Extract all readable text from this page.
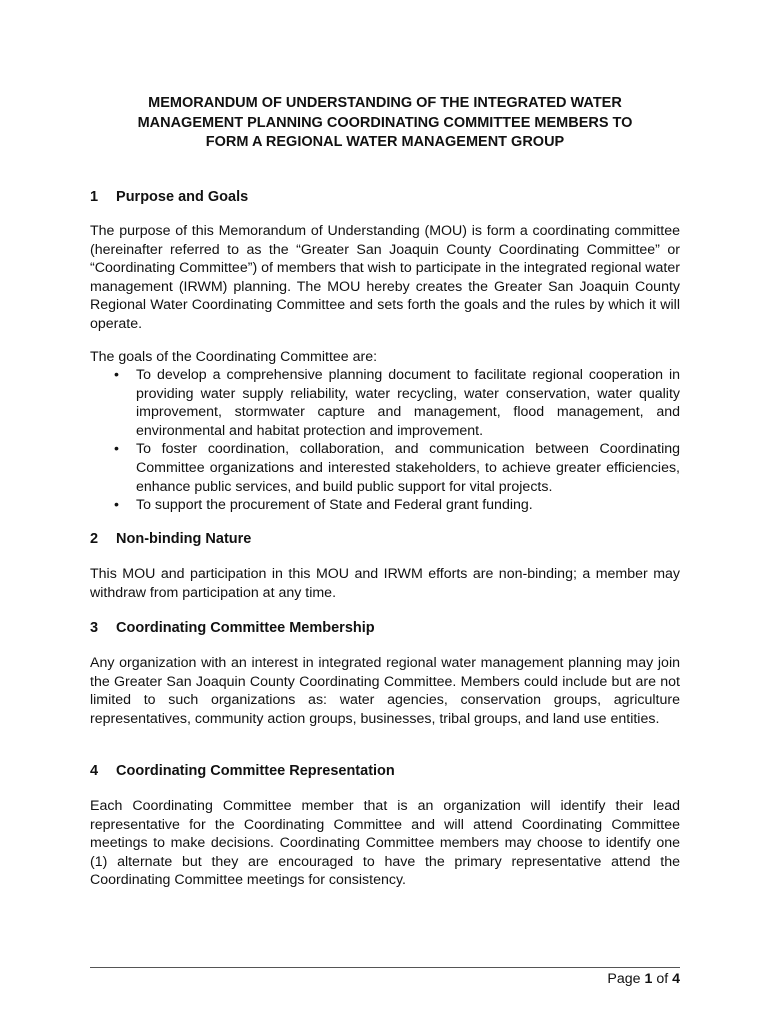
MEMORANDUM OF UNDERSTANDING OF THE INTEGRATED WATER
MANAGEMENT PLANNING COORDINATING COMMITTEE MEMBERS TO
FORM A REGIONAL WATER MANAGEMENT GROUP
1 Purpose and Goals

The purpose of this Memorandum of Understanding (MOU) is form a coordinating committee (hereinafter referred to as the “Greater San Joaquin County Coordinating Committee” or “Coordinating Committee”) of members that wish to participate in the integrated regional water management (IRWM) planning. The MOU hereby creates the Greater San Joaquin County Regional Water Coordinating Committee and sets forth the goals and the rules by which it will operate.

The goals of the Coordinating Committee are:

•	To develop a comprehensive planning document to facilitate regional cooperation in providing water supply reliability, water recycling, water conservation, water quality improvement, stormwater capture and management, flood management, and environmental and habitat protection and improvement.
•	To foster coordination, collaboration, and communication between Coordinating Committee organizations and interested stakeholders, to achieve greater efficiencies, enhance public services, and build public support for vital projects.
•	To support the procurement of State and Federal grant funding.
2 Non-binding Nature

This MOU and participation in this MOU and IRWM efforts are non-binding; a member may withdraw from participation at any time.

3 Coordinating Committee Membership

Any organization with an interest in integrated regional water management planning may join the Greater San Joaquin County Coordinating Committee. Members could include but are not limited to such organizations as: water agencies, conservation groups, agriculture representatives, community action groups, businesses, tribal groups, and land use entities.

4 Coordinating Committee Representation

Each Coordinating Committee member that is an organization will identify their lead representative for the Coordinating Committee and will attend Coordinating Committee meetings to make decisions. Coordinating Committee members may choose to identify one (1) alternate but they are encouraged to have the primary representative attend the Coordinating Committee meetings for consistency.

Page 1 of 4
